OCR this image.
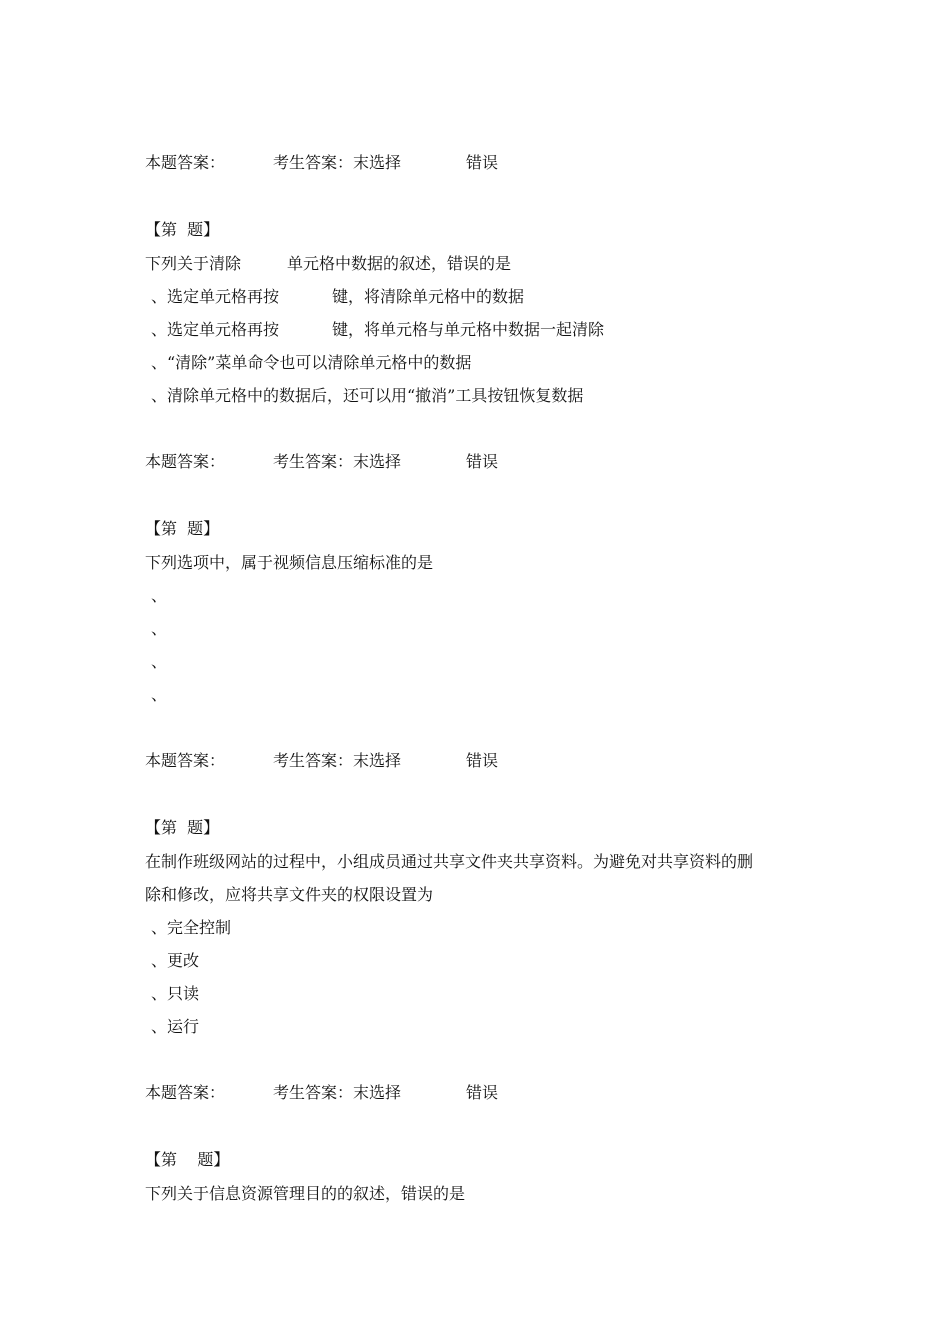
本题答案：	考生答案：末选择	错误
【第  题】
下列关于清除	单元格中数据的叙述，错误的是
、选定单元格再按	键，将清除单元格中的数据
、选定单元格再按	键，将单元格与单元格中数据一起清除
、“清除”菜单命令也可以清除单元格中的数据
、清除单元格中的数据后，还可以用“撤消”工具按钮恢复数据
本题答案：	考生答案：末选择	错误
【第  题】
下列选项中，属于视频信息压缩标准的是
、
、
、
、
本题答案：	考生答案：末选择	错误
【第  题】
在制作班级网站的过程中，小组成员通过共享文件夹共享资料。为避免对共享资料的删
除和修改，应将共享文件夹的权限设置为
、完全控制
、更改
、只读
、运行
本题答案：	考生答案：末选择	错误
【第    题】
下列关于信息资源管理目的的叙述，错误的是
